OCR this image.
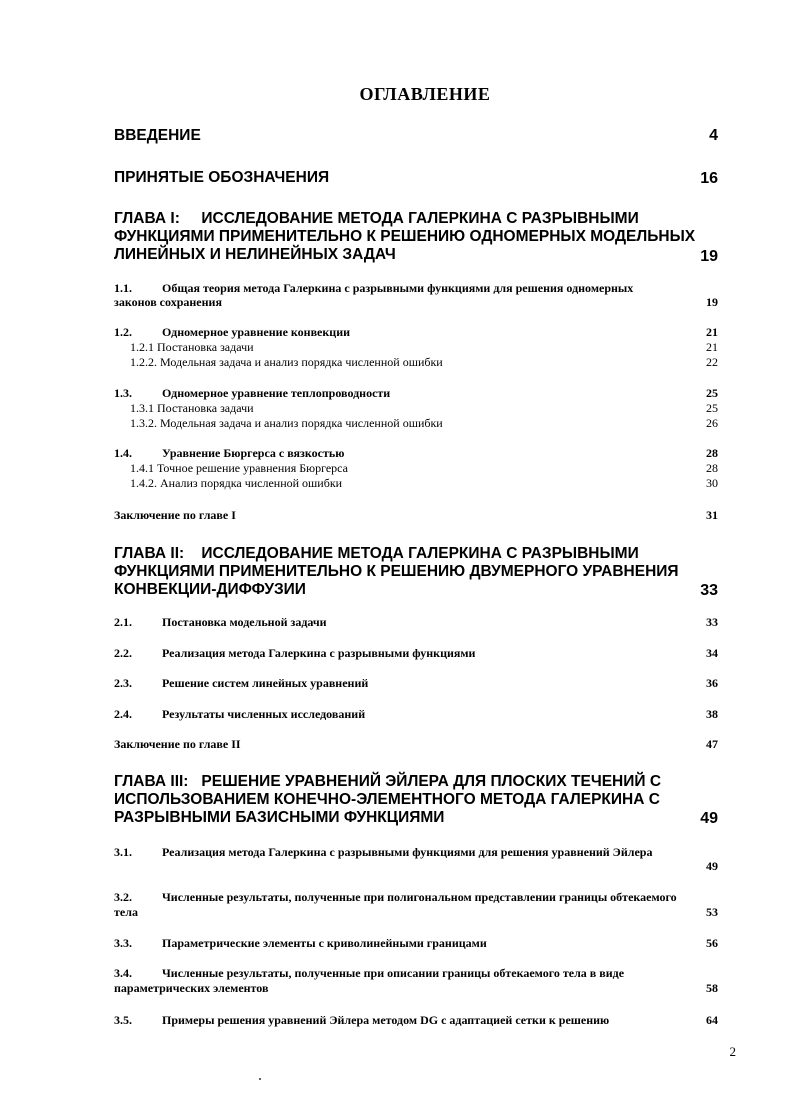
ОГЛАВЛЕНИЕ
ВВЕДЕНИЕ	4
ПРИНЯТЫЕ ОБОЗНАЧЕНИЯ	16
ГЛАВА I:     ИССЛЕДОВАНИЕ МЕТОДА ГАЛЕРКИНА С РАЗРЫВНЫМИ
ФУНКЦИЯМИ ПРИМЕНИТЕЛЬНО К РЕШЕНИЮ ОДНОМЕРНЫХ МОДЕЛЬНЫХ
ЛИНЕЙНЫХ И НЕЛИНЕЙНЫХ ЗАДАЧ	19
1.1.	Общая теория метода Галеркина с разрывными функциями для решения одномерных
законов сохранения	19
1.2.	Одномерное уравнение конвекции	21
1.2.1 Постановка задачи	21
1.2.2. Модельная задача и анализ порядка численной ошибки	22
1.3.	Одномерное уравнение теплопроводности	25
1.3.1 Постановка задачи	25
1.3.2. Модельная задача и анализ порядка численной ошибки	26
1.4.	Уравнение Бюргерса с вязкостью	28
1.4.1 Точное решение уравнения Бюргерса	28
1.4.2. Анализ порядка численной ошибки	30
Заключение по главе I	31
ГЛАВА II:    ИССЛЕДОВАНИЕ МЕТОДА ГАЛЕРКИНА С РАЗРЫВНЫМИ
ФУНКЦИЯМИ ПРИМЕНИТЕЛЬНО К РЕШЕНИЮ ДВУМЕРНОГО УРАВНЕНИЯ
КОНВЕКЦИИ-ДИФФУЗИИ	33
2.1.	Постановка модельной задачи	33
2.2.	Реализация метода Галеркина с разрывными функциями	34
2.3.	Решение систем линейных уравнений	36
2.4.	Результаты численных исследований	38
Заключение по главе II	47
ГЛАВА III:   РЕШЕНИЕ УРАВНЕНИЙ ЭЙЛЕРА ДЛЯ ПЛОСКИХ ТЕЧЕНИЙ С
ИСПОЛЬЗОВАНИЕМ КОНЕЧНО-ЭЛЕМЕНТНОГО МЕТОДА ГАЛЕРКИНА С
РАЗРЫВНЫМИ БАЗИСНЫМИ ФУНКЦИЯМИ	49
3.1.	Реализация метода Галеркина с разрывными функциями для решения уравнений Эйлера
49
3.2.	Численные результаты, полученные при полигональном представлении границы обтекаемого
тела	53
3.3.	Параметрические элементы с криволинейными границами	56
3.4.	Численные результаты, полученные при описании границы обтекаемого тела в виде
параметрических элементов	58
3.5.	Примеры решения уравнений Эйлера методом DG с адаптацией сетки к решению	64
2
